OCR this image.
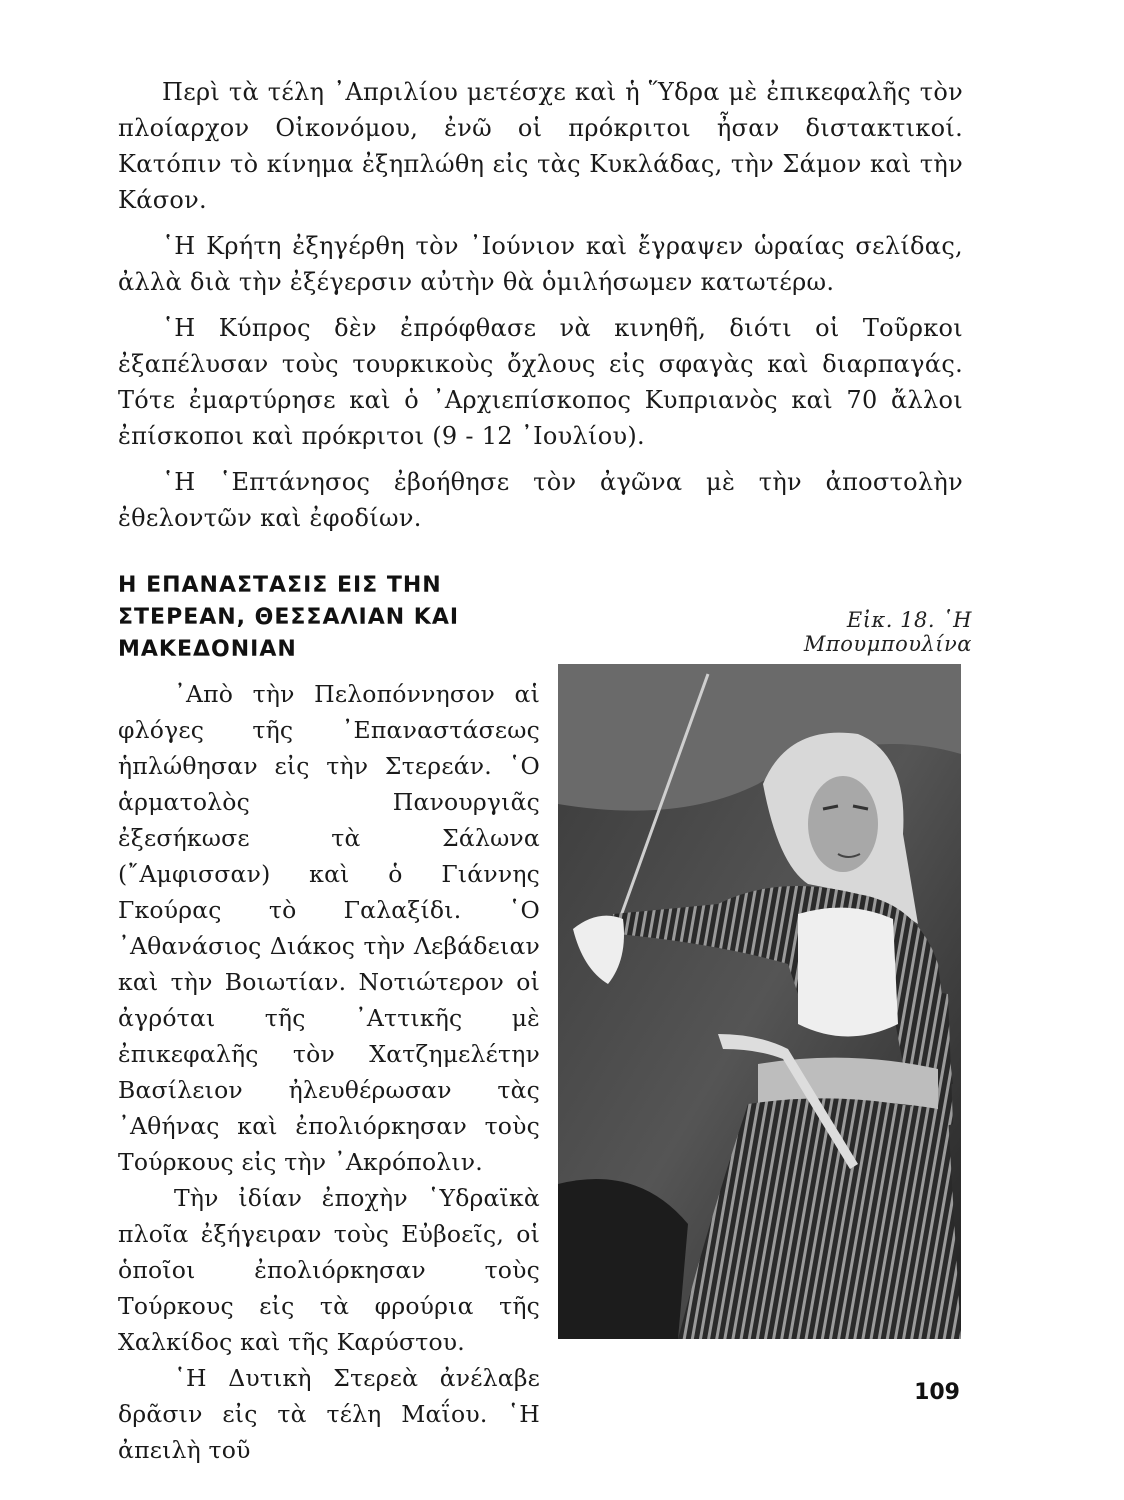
Περὶ τὰ τέλη ᾿Απριλίου μετέσχε καὶ ἡ Ὕδρα μὲ ἐπικεφαλῆς τὸν πλοίαρχον Οἰκονόμου, ἐνῶ οἱ πρόκριτοι ἦσαν διστακτικοί. Κατόπιν τὸ κίνημα ἐξηπλώθη εἰς τὰς Κυκλάδας, τὴν Σάμον καὶ τὴν Κάσον.

῾Η Κρήτη ἐξηγέρθη τὸν ᾿Ιούνιον καὶ ἔγραψεν ὡραίας σελίδας, ἀλλὰ διὰ τὴν ἐξέγερσιν αὐτὴν θὰ ὁμιλήσωμεν κατωτέρω.

῾Η Κύπρος δὲν ἐπρόφθασε νὰ κινηθῆ, διότι οἱ Τοῦρκοι ἐξαπέλυσαν τοὺς τουρκικοὺς ὄχλους εἰς σφαγὰς καὶ διαρπαγάς. Τότε ἐμαρτύρησε καὶ ὁ ᾿Αρχιεπίσκοπος Κυπριανὸς καὶ 70 ἄλλοι ἐπίσκοποι καὶ πρόκριτοι (9 - 12 ᾿Ιουλίου).

῾Η ῾Επτάνησος ἐβοήθησε τὸν ἀγῶνα μὲ τὴν ἀποστολὴν ἐθελοντῶν καὶ ἐφοδίων.

Η ΕΠΑΝΑΣΤΑΣΙΣ ΕΙΣ ΤΗΝ ΣΤΕΡΕΑΝ, ΘΕΣΣΑΛΙΑΝ ΚΑΙ ΜΑΚΕΔΟΝΙΑΝ

᾿Απὸ τὴν Πελοπόννησον αἱ φλόγες τῆς ᾿Επαναστάσεως ἡπλώθησαν εἰς τὴν Στερεάν. ῾Ο ἁρματολὸς Πανουργιᾶς ἐξεσήκωσε τὰ Σάλωνα (῎Αμφισσαν) καὶ ὁ Γιάννης Γκούρας τὸ Γαλαξίδι. ῾Ο ᾿Αθανάσιος Διάκος τὴν Λεβάδειαν καὶ τὴν Βοιωτίαν. Νοτιώτερον οἱ ἀγρόται τῆς ᾿Αττικῆς μὲ ἐπικεφαλῆς τὸν Χατζημελέτην Βασίλειον ἠλευθέρωσαν τὰς ᾿Αθήνας καὶ ἐπολιόρκησαν τοὺς Τούρκους εἰς τὴν ᾿Ακρόπολιν.

Τὴν ἰδίαν ἐποχὴν ῾Υδραϊκὰ πλοῖα ἐξήγειραν τοὺς Εὐβοεῖς, οἱ ὁποῖοι ἐπολιόρκησαν τοὺς Τούρκους εἰς τὰ φρούρια τῆς Χαλκίδος καὶ τῆς Καρύστου.

῾Η Δυτικὴ Στερεὰ ἀνέλαβε δρᾶσιν εἰς τὰ τέλη Μαΐου. ῾Η ἀπειλὴ τοῦ

Εἰκ. 18. ῾Η Μπουμπουλίνα
109
